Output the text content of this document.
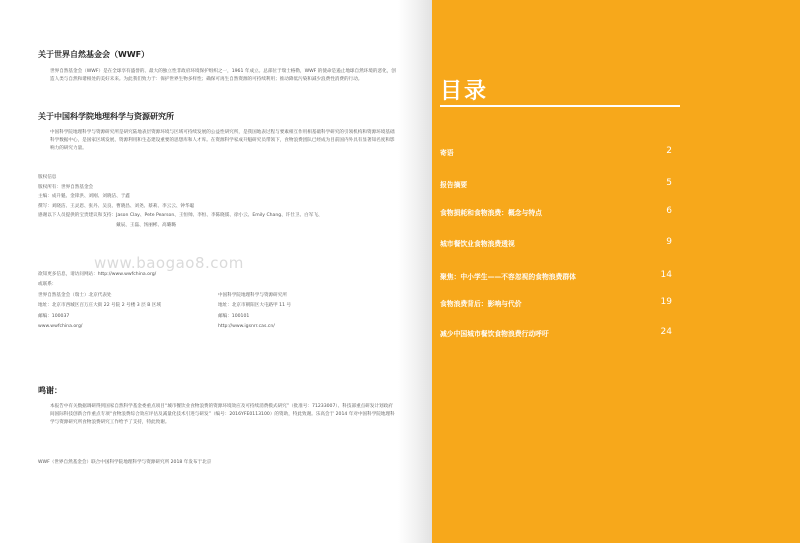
关于世界自然基金会（WWF）
世界自然基金会（WWF）是在全球享有盛誉的、最大的独立性非政府环境保护组织之一，1961 年成立。总部位于瑞士格勒，WWF 的使命是遏止地球自然环境的恶化，创造人类与自然和谐相处的美好未来。为此我们致力于：保护世界生物多样性；确保可再生自然资源的可持续利用；推动降低污染和减少浪费性消费的行动。
关于中国科学院地理科学与资源研究所
中国科学院地理科学与资源研究所是研究陆地表层资源环境与区域可持续发展的公益性研究所，是我国地表过程与要素相互作用相基础科学研究的引领机构和资源环境基础科学数据中心，是国家区域发展、资源利用和生态建设重要的思想库和人才库。在资源科学家成升魁研究员带领下，食物浪费团队已经成为目前国内外具有显著知名度和影响力的研究力量。
版权信息
版权所有：世界自然基金会
主编：成升魁、金锋洪、刘刚、刘晓洁、于鑫
撰写：刘晓洁、王灵恩、张丹、吴良、曹晓昌、刘尧、蔡莉、李云云、钟华聪
感谢以下人员提供的宝贵建议和支持： Jason Clay、Pete Pearson、王恒帅、李恒、李陈晓儒、徐小云、Emily Chang、许仕卫、白军飞、戴辰、王磊、汤丽彬、高璐璐
www.baogao8.com
欲知更多信息，请访问网站：http://www.wwfchina.org/
或联系：
世界自然基金会（瑞士）北京代表处
地址：北京市西城区百万庄大街 22 号院 2 号楼 3 层 B 区域
邮编：100037
www.wwfchina.org/
中国科学院地理科学与资源研究所
地址：北京市朝阳区大屯路甲 11 号
邮编：100101
http://www.igsnrr.cas.cn/
鸣谢：
本报告中有关数据调研得到国家自然科学基金委重点项目“城市餐饮业食物浪费的资源环境效应及可持续消费模式研究”（批准号：71233007）、科技部重点研发计划政府间国际科技创新合作重点专项“食物浪费综合效应评估及减量化技术引进与研发”（编号：2016YFE0113100）的资助，特此致谢。乐高会于 2014 年对中国科学院地理科学与资源研究所食物浪费研究工作给予了支持，特此致谢。
WWF（世界自然基金会）联合中国科学院地理科学与资源研究所 2018 年发布于北京
目录
寄语	2
报告摘要	5
食物损耗和食物浪费：概念与特点	6
城市餐饮业食物浪费透视	9
聚焦：中小学生——不容忽视的食物浪费群体	14
食物浪费背后：影响与代价	19
减少中国城市餐饮食物浪费行动呼吁	24
